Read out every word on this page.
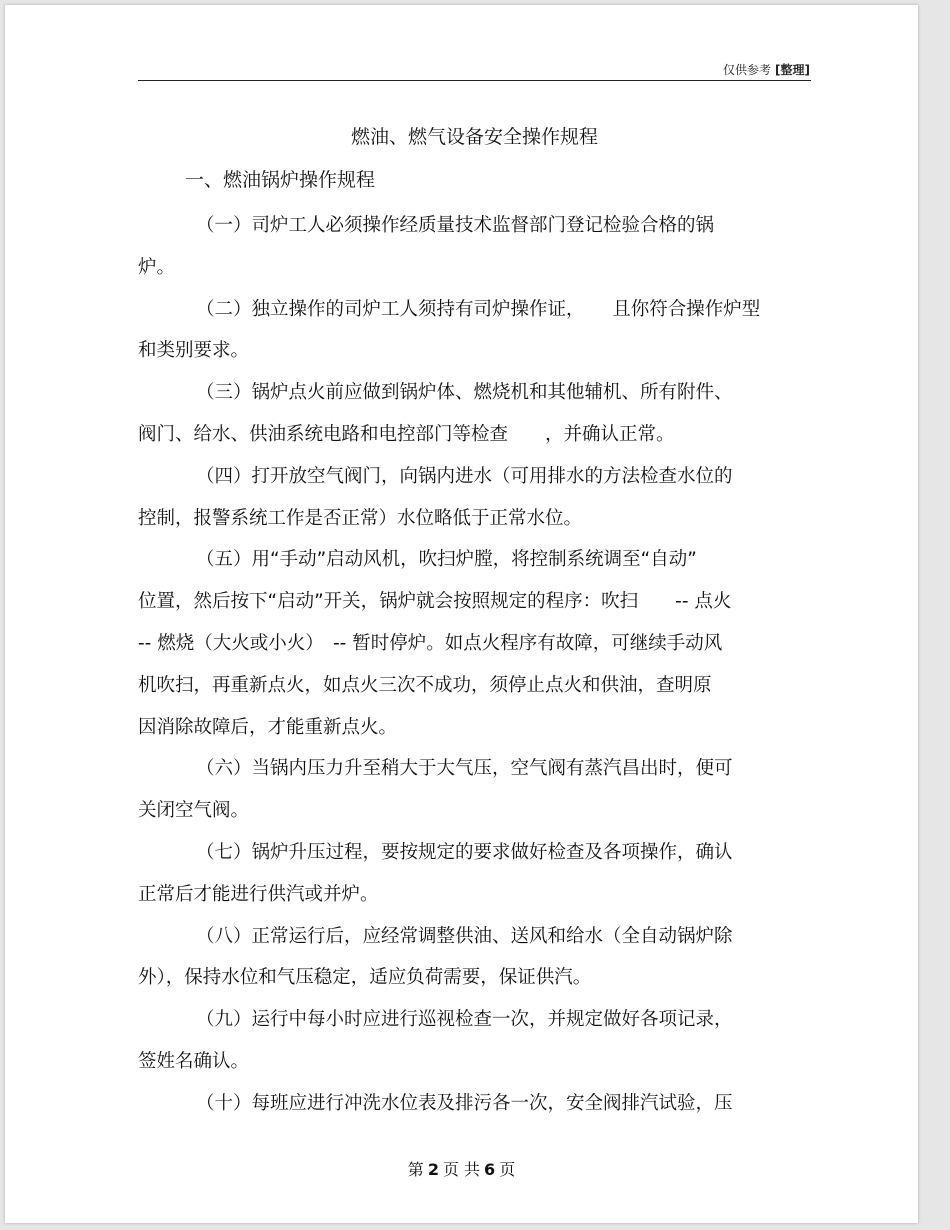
仅供参考 [整理]
燃油、燃气设备安全操作规程
一、燃油锅炉操作规程

（一）司炉工人必须操作经质量技术监督部门登记检验合格的锅
炉。

（二）独立操作的司炉工人须持有司炉操作证，　　且你符合操作炉型
和类别要求。

（三）锅炉点火前应做到锅炉体、燃烧机和其他辅机、所有附件、
阀门、给水、供油系统电路和电控部门等检查　　，并确认正常。

（四）打开放空气阀门，向锅内进水（可用排水的方法检查水位的
控制，报警系统工作是否正常）水位略低于正常水位。

（五）用“手动”启动风机，吹扫炉膛，将控制系统调至“自动”
位置，然后按下“启动”开关，锅炉就会按照规定的程序：吹扫　　-- 点火
-- 燃烧（大火或小火）　-- 暂时停炉。如点火程序有故障，可继续手动风
机吹扫，再重新点火，如点火三次不成功，须停止点火和供油，查明原
因消除故障后，才能重新点火。

（六）当锅内压力升至稍大于大气压，空气阀有蒸汽昌出时，便可
关闭空气阀。

（七）锅炉升压过程，要按规定的要求做好检查及各项操作，确认
正常后才能进行供汽或并炉。

（八）正常运行后，应经常调整供油、送风和给水（全自动锅炉除
外），保持水位和气压稳定，适应负荷需要，保证供汽。

（九）运行中每小时应进行巡视检查一次，并规定做好各项记录，
签姓名确认。

（十）每班应进行冲洗水位表及排污各一次，安全阀排汽试验，压

第 2 页 共 6 页
